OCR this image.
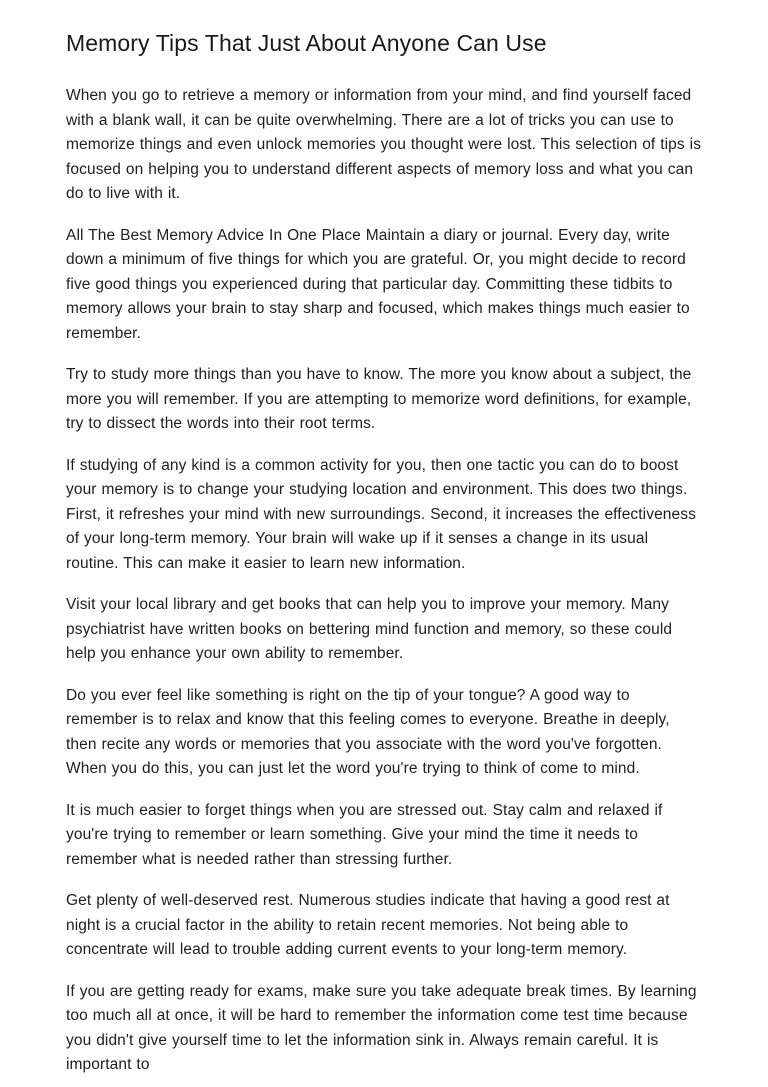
Memory Tips That Just About Anyone Can Use

When you go to retrieve a memory or information from your mind, and find yourself faced with a blank wall, it can be quite overwhelming. There are a lot of tricks you can use to memorize things and even unlock memories you thought were lost. This selection of tips is focused on helping you to understand different aspects of memory loss and what you can do to live with it.

All The Best Memory Advice In One Place Maintain a diary or journal. Every day, write down a minimum of five things for which you are grateful. Or, you might decide to record five good things you experienced during that particular day. Committing these tidbits to memory allows your brain to stay sharp and focused, which makes things much easier to remember.

Try to study more things than you have to know. The more you know about a subject, the more you will remember. If you are attempting to memorize word definitions, for example, try to dissect the words into their root terms.

If studying of any kind is a common activity for you, then one tactic you can do to boost your memory is to change your studying location and environment. This does two things. First, it refreshes your mind with new surroundings. Second, it increases the effectiveness of your long-term memory. Your brain will wake up if it senses a change in its usual routine. This can make it easier to learn new information.

Visit your local library and get books that can help you to improve your memory. Many psychiatrist have written books on bettering mind function and memory, so these could help you enhance your own ability to remember.

Do you ever feel like something is right on the tip of your tongue? A good way to remember is to relax and know that this feeling comes to everyone. Breathe in deeply, then recite any words or memories that you associate with the word you've forgotten. When you do this, you can just let the word you're trying to think of come to mind.

It is much easier to forget things when you are stressed out. Stay calm and relaxed if you're trying to remember or learn something. Give your mind the time it needs to remember what is needed rather than stressing further.

Get plenty of well-deserved rest. Numerous studies indicate that having a good rest at night is a crucial factor in the ability to retain recent memories. Not being able to concentrate will lead to trouble adding current events to your long-term memory.

If you are getting ready for exams, make sure you take adequate break times. By learning too much all at once, it will be hard to remember the information come test time because you didn't give yourself time to let the information sink in. Always remain careful. It is important to
